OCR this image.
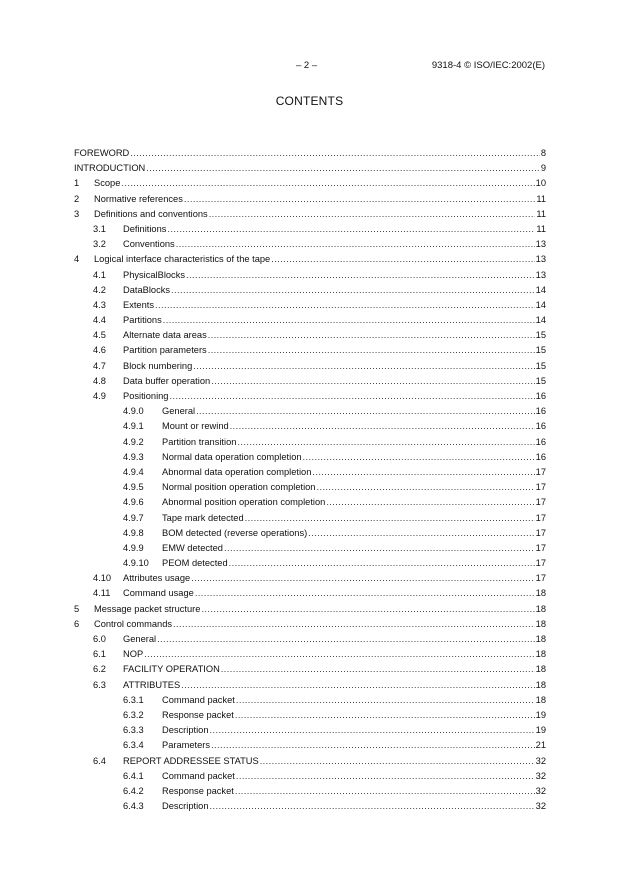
– 2 –	9318-4 © ISO/IEC:2002(E)
CONTENTS
FOREWORD .....	8
INTRODUCTION .....	9
1	Scope .....	10
2	Normative references .....	11
3	Definitions and conventions .....	11
3.1	Definitions .....	11
3.2	Conventions .....	13
4	Logical interface characteristics of the tape .....	13
4.1	PhysicalBlocks .....	13
4.2	DataBlocks .....	14
4.3	Extents .....	14
4.4	Partitions .....	14
4.5	Alternate data areas .....	15
4.6	Partition parameters .....	15
4.7	Block numbering .....	15
4.8	Data buffer operation .....	15
4.9	Positioning .....	16
4.9.0	General .....	16
4.9.1	Mount or rewind .....	16
4.9.2	Partition transition .....	16
4.9.3	Normal data operation completion .....	16
4.9.4	Abnormal data operation completion .....	17
4.9.5	Normal position operation completion .....	17
4.9.6	Abnormal position operation completion .....	17
4.9.7	Tape mark detected .....	17
4.9.8	BOM detected (reverse operations) .....	17
4.9.9	EMW detected .....	17
4.9.10	PEOM detected .....	17
4.10	Attributes usage .....	17
4.11	Command usage .....	18
5	Message packet structure .....	18
6	Control commands .....	18
6.0	General .....	18
6.1	NOP .....	18
6.2	FACILITY OPERATION .....	18
6.3	ATTRIBUTES .....	18
6.3.1	Command packet .....	18
6.3.2	Response packet .....	19
6.3.3	Description .....	19
6.3.4	Parameters .....	21
6.4	REPORT ADDRESSEE STATUS .....	32
6.4.1	Command packet .....	32
6.4.2	Response packet .....	32
6.4.3	Description .....	32
